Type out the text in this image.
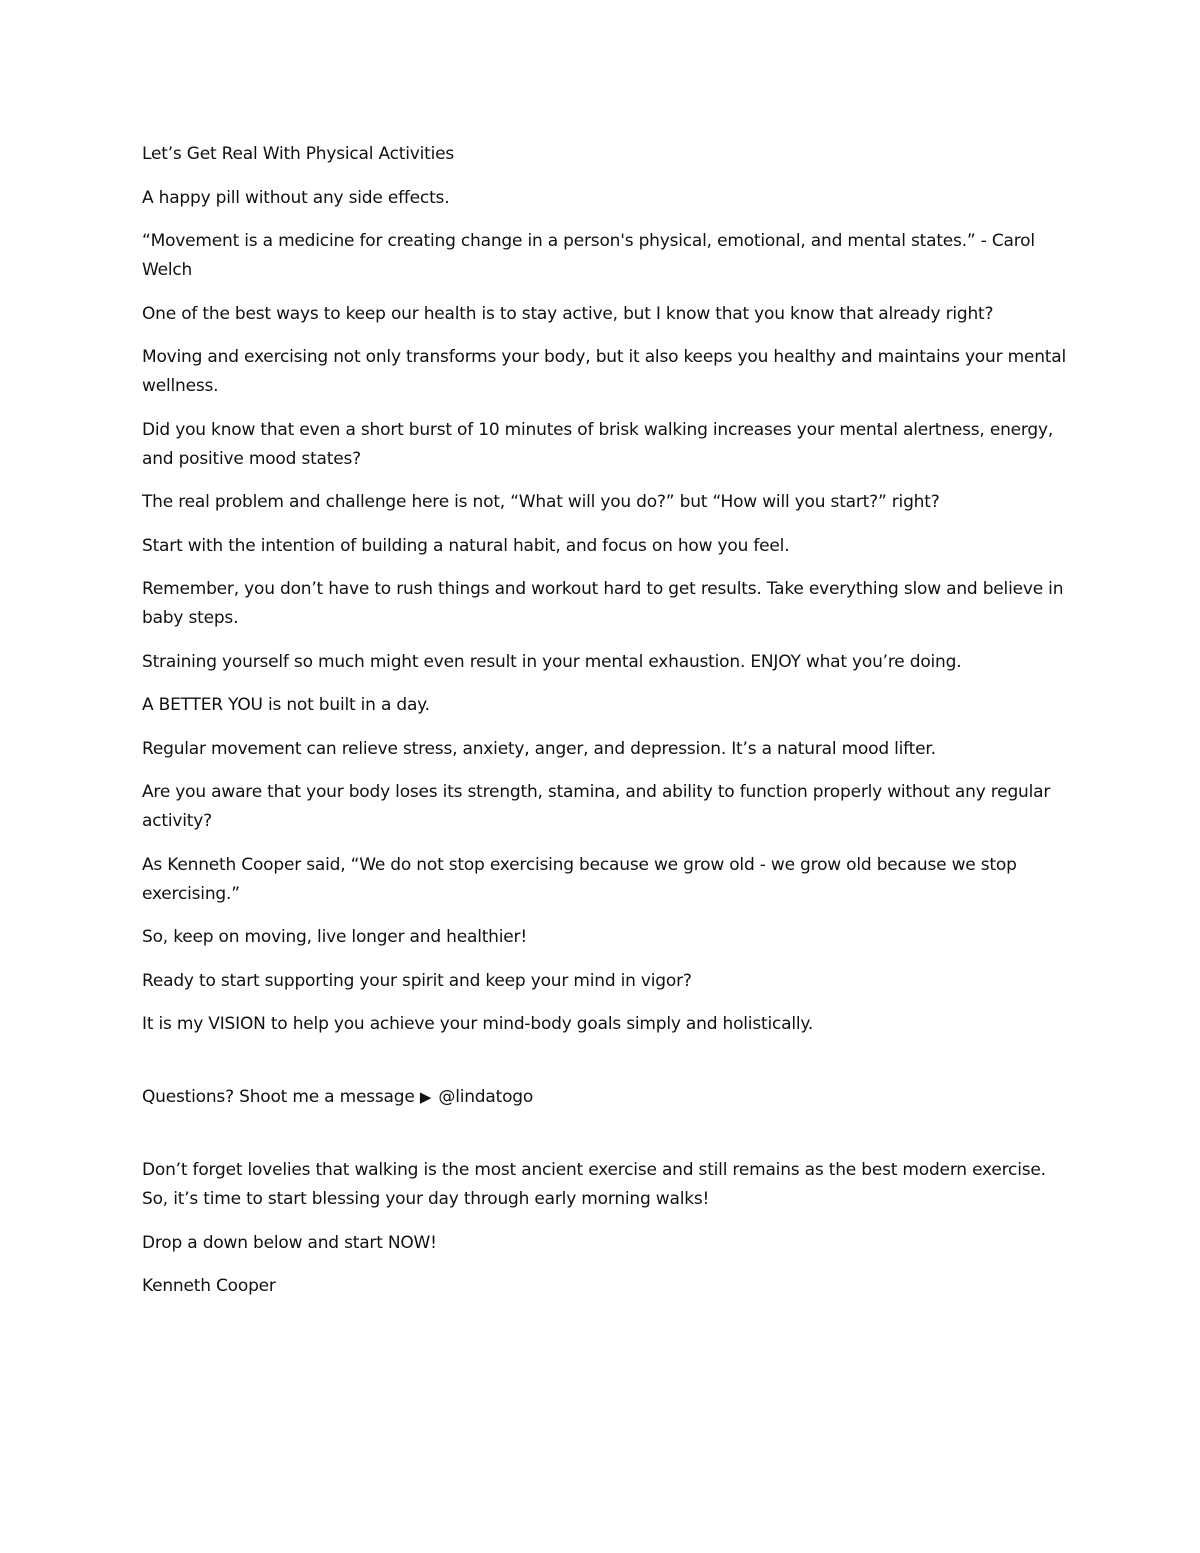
Let’s Get Real With Physical Activities

A happy pill without any side effects.

“Movement is a medicine for creating change in a person's physical, emotional, and mental states.” - Carol Welch

One of the best ways to keep our health is to stay active, but I know that you know that already right?

Moving and exercising not only transforms your body, but it also keeps you healthy and maintains your mental wellness.

Did you know that even a short burst of 10 minutes of brisk walking increases your mental alertness, energy, and positive mood states?

The real problem and challenge here is not, “What will you do?” but “How will you start?” right?

Start with the intention of building a natural habit, and focus on how you feel.

Remember, you don’t have to rush things and workout hard to get results. Take everything slow and believe in baby steps.

Straining yourself so much might even result in your mental exhaustion. ENJOY what you’re doing.

A BETTER YOU is not built in a day.

Regular movement can relieve stress, anxiety, anger, and depression. It’s a natural mood lifter.

Are you aware that your body loses its strength, stamina, and ability to function properly without any regular activity?

As Kenneth Cooper said, “We do not stop exercising because we grow old - we grow old because we stop exercising.”

So, keep on moving, live longer and healthier!

Ready to start supporting your spirit and keep your mind in vigor?

It is my VISION to help you achieve your mind-body goals simply and holistically.

Questions? Shoot me a message ▶ @lindatogo

Don’t forget lovelies that walking is the most ancient exercise and still remains as the best modern exercise. So, it’s time to start blessing your day through early morning walks!

Drop a down below and start NOW!

Kenneth Cooper
